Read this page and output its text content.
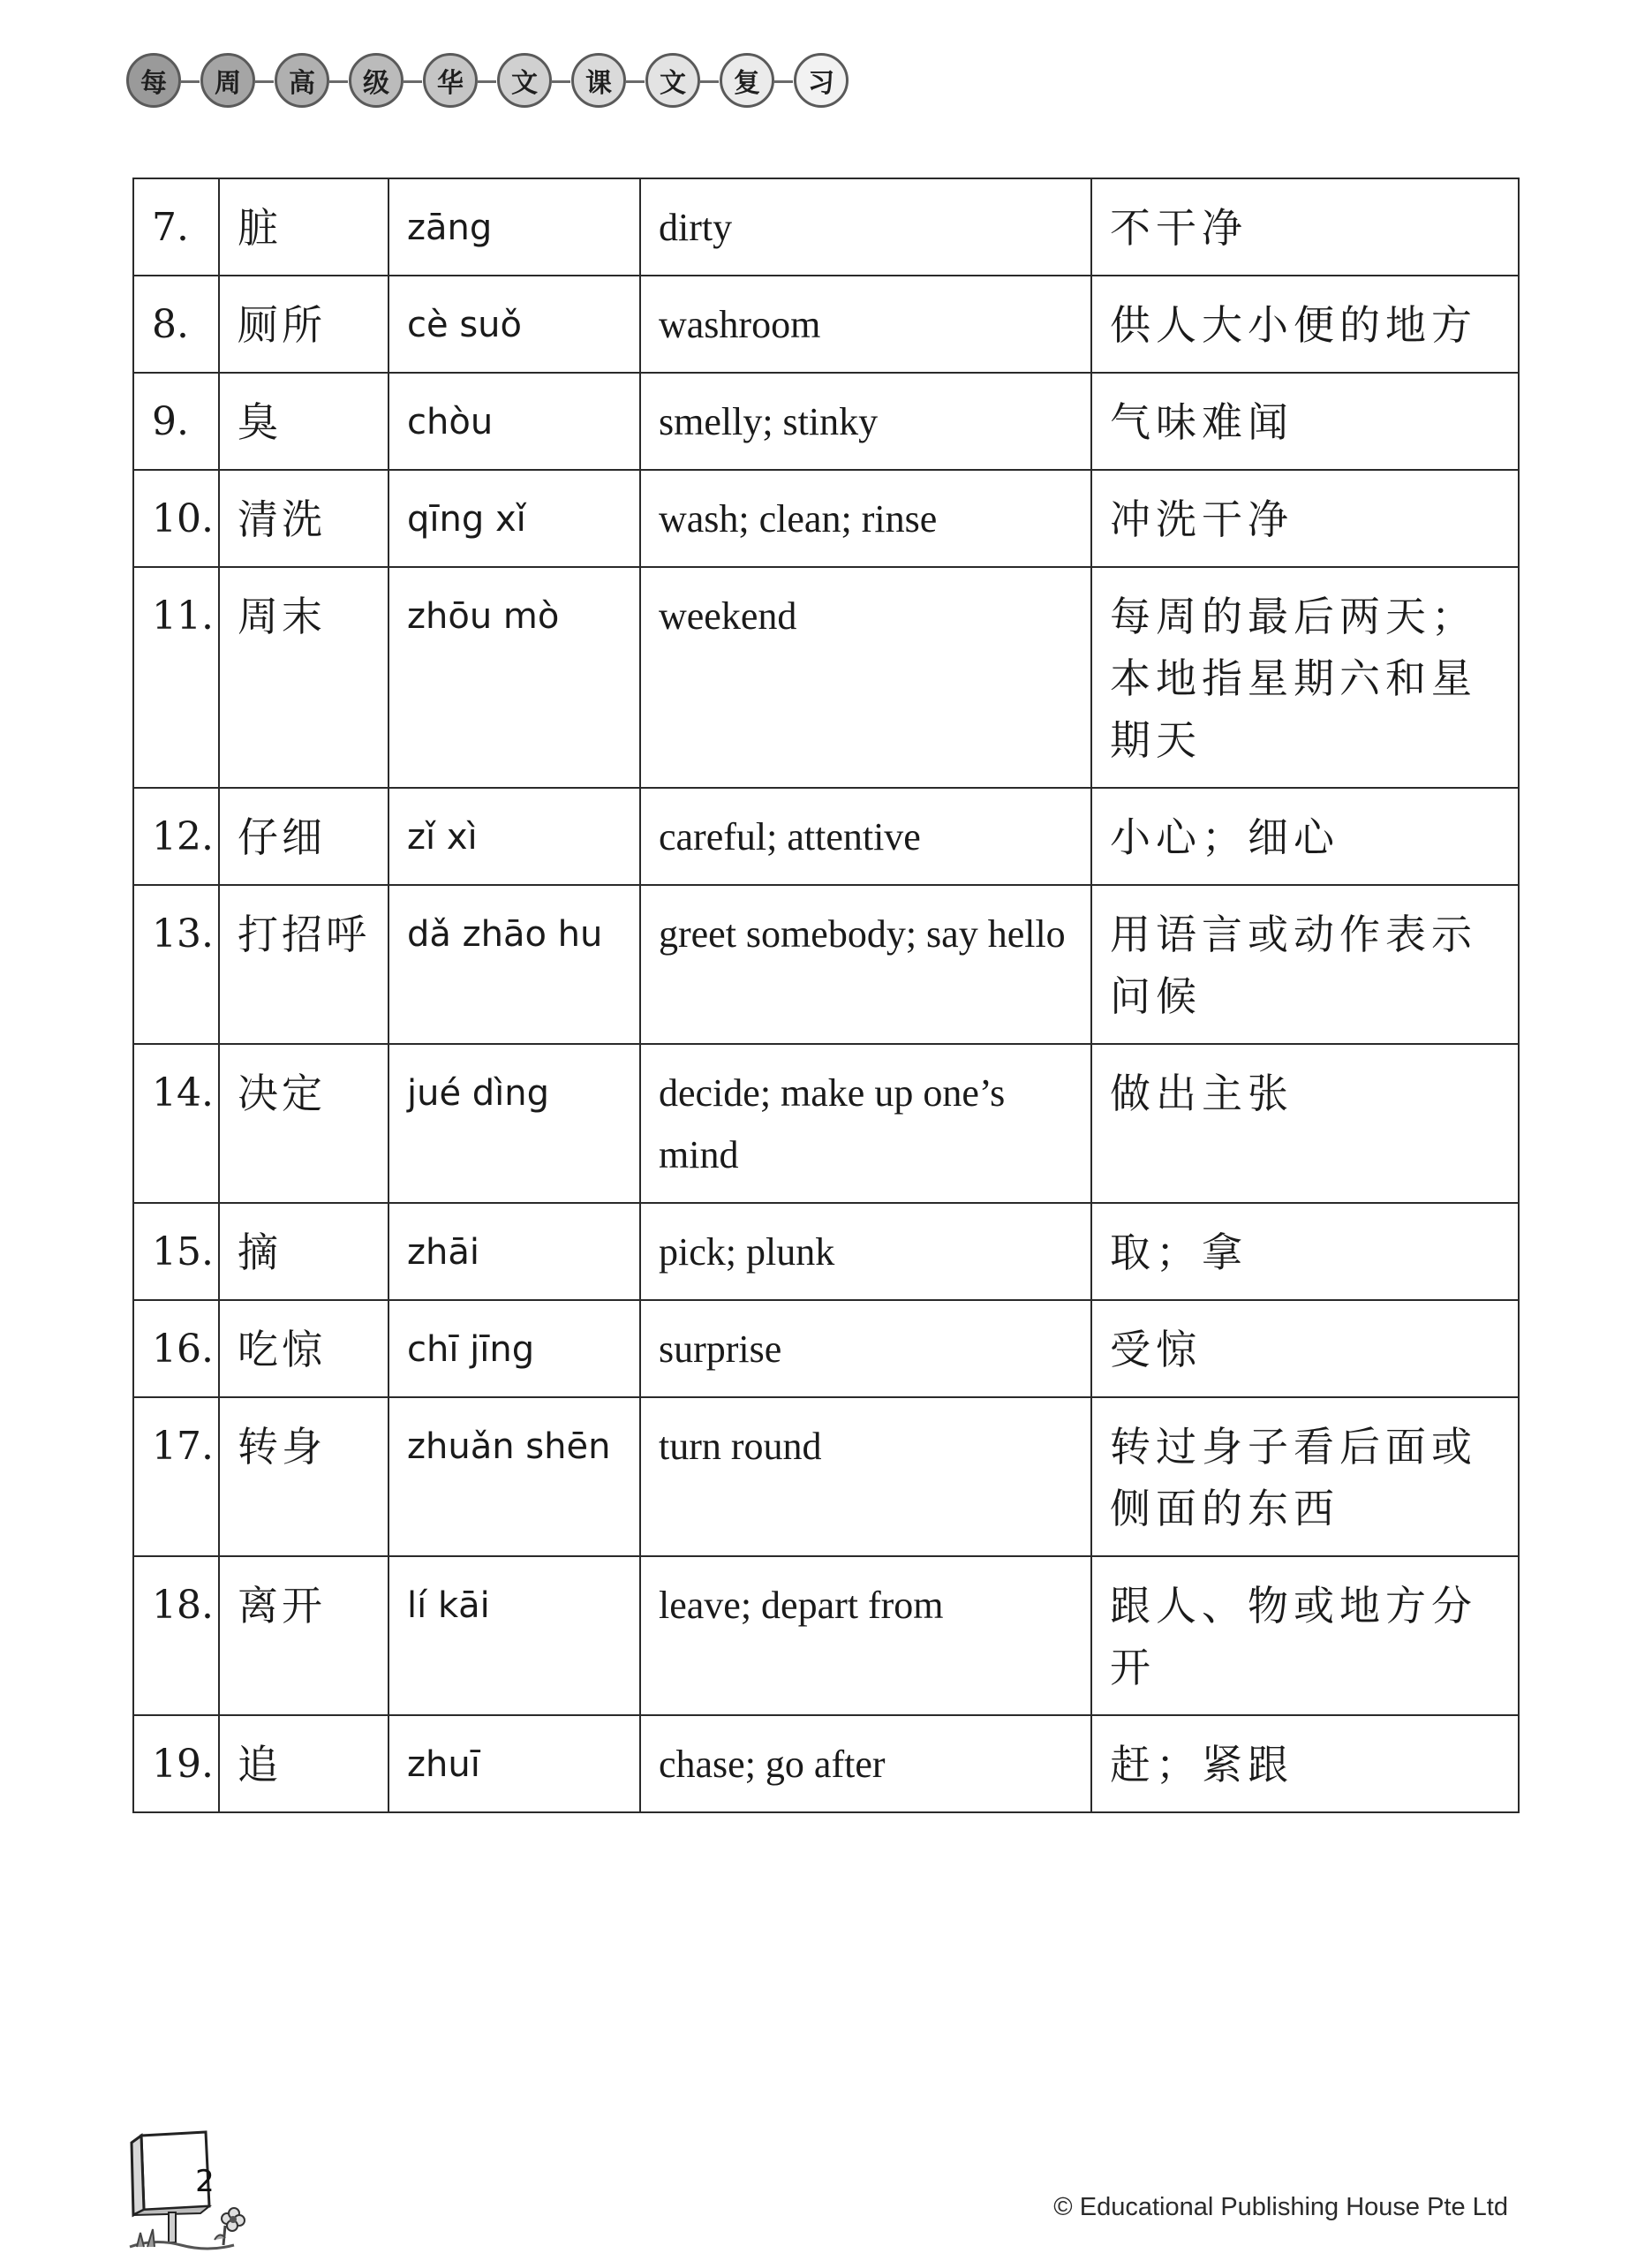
每	周	高	级	华	文	课	文	复	习
7.	脏	zāng	dirty	不干净
8.	厕所	cè suǒ	washroom	供人大小便的地方
9.	臭	chòu	smelly; stinky	气味难闻
10.	清洗	qīng xǐ	wash; clean; rinse	冲洗干净
11.	周末	zhōu mò	weekend	每周的最后两天；本地指星期六和星期天
12.	仔细	zǐ xì	careful; attentive	小心；细心
13.	打招呼	dǎ zhāo hu	greet somebody; say hello	用语言或动作表示问候
14.	决定	jué dìng	decide; make up one’s mind	做出主张
15.	摘	zhāi	pick; plunk	取；拿
16.	吃惊	chī jīng	surprise	受惊
17.	转身	zhuǎn shēn	turn round	转过身子看后面或侧面的东西
18.	离开	lí kāi	leave; depart from	跟人、物或地方分开
19.	追	zhuī	chase; go after	赶；紧跟
2
© Educational Publishing House Pte Ltd
